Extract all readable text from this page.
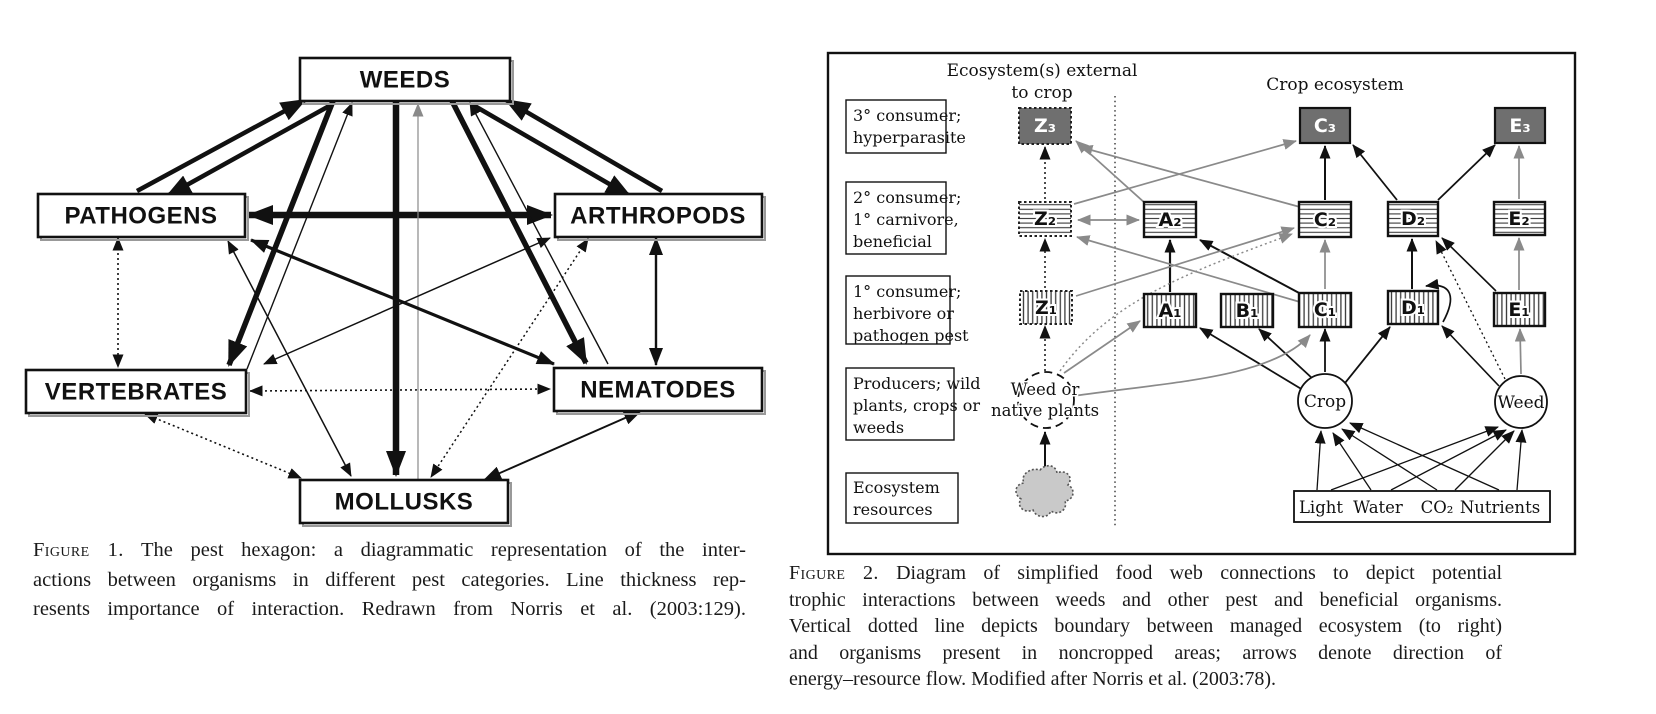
WEEDS
PATHOGENS	ARTHROPODS
VERTEBRATES	NEMATODES
MOLLUSKS
Ecosystem(s) external
to crop	Crop ecosystem
3° consumer;
hyperparasite
2° consumer;
1° carnivore,
beneficial
1° consumer;
herbivore or
pathogen pest
Producers; wild
plants, crops or
weeds
Ecosystem
resources
Z₃	C₃	E₃
Z₂	A₂	C₂	D₂	E₂
Z₁	A₁	B₁	C₁	D₁	E₁
Weed or
native plants	Crop	Weed
Light Water CO₂ Nutrients
Figure 1. The pest hexagon: a diagrammatic representation of the inter-
actions between organisms in different pest categories. Line thickness rep-
resents importance of interaction. Redrawn from Norris et al. (2003:129).
Figure 2. Diagram of simplified food web connections to depict potential
trophic interactions between weeds and other pest and beneficial organisms.
Vertical dotted line depicts boundary between managed ecosystem (to right)
and organisms present in noncropped areas; arrows denote direction of
energy–resource flow. Modified after Norris et al. (2003:78).
